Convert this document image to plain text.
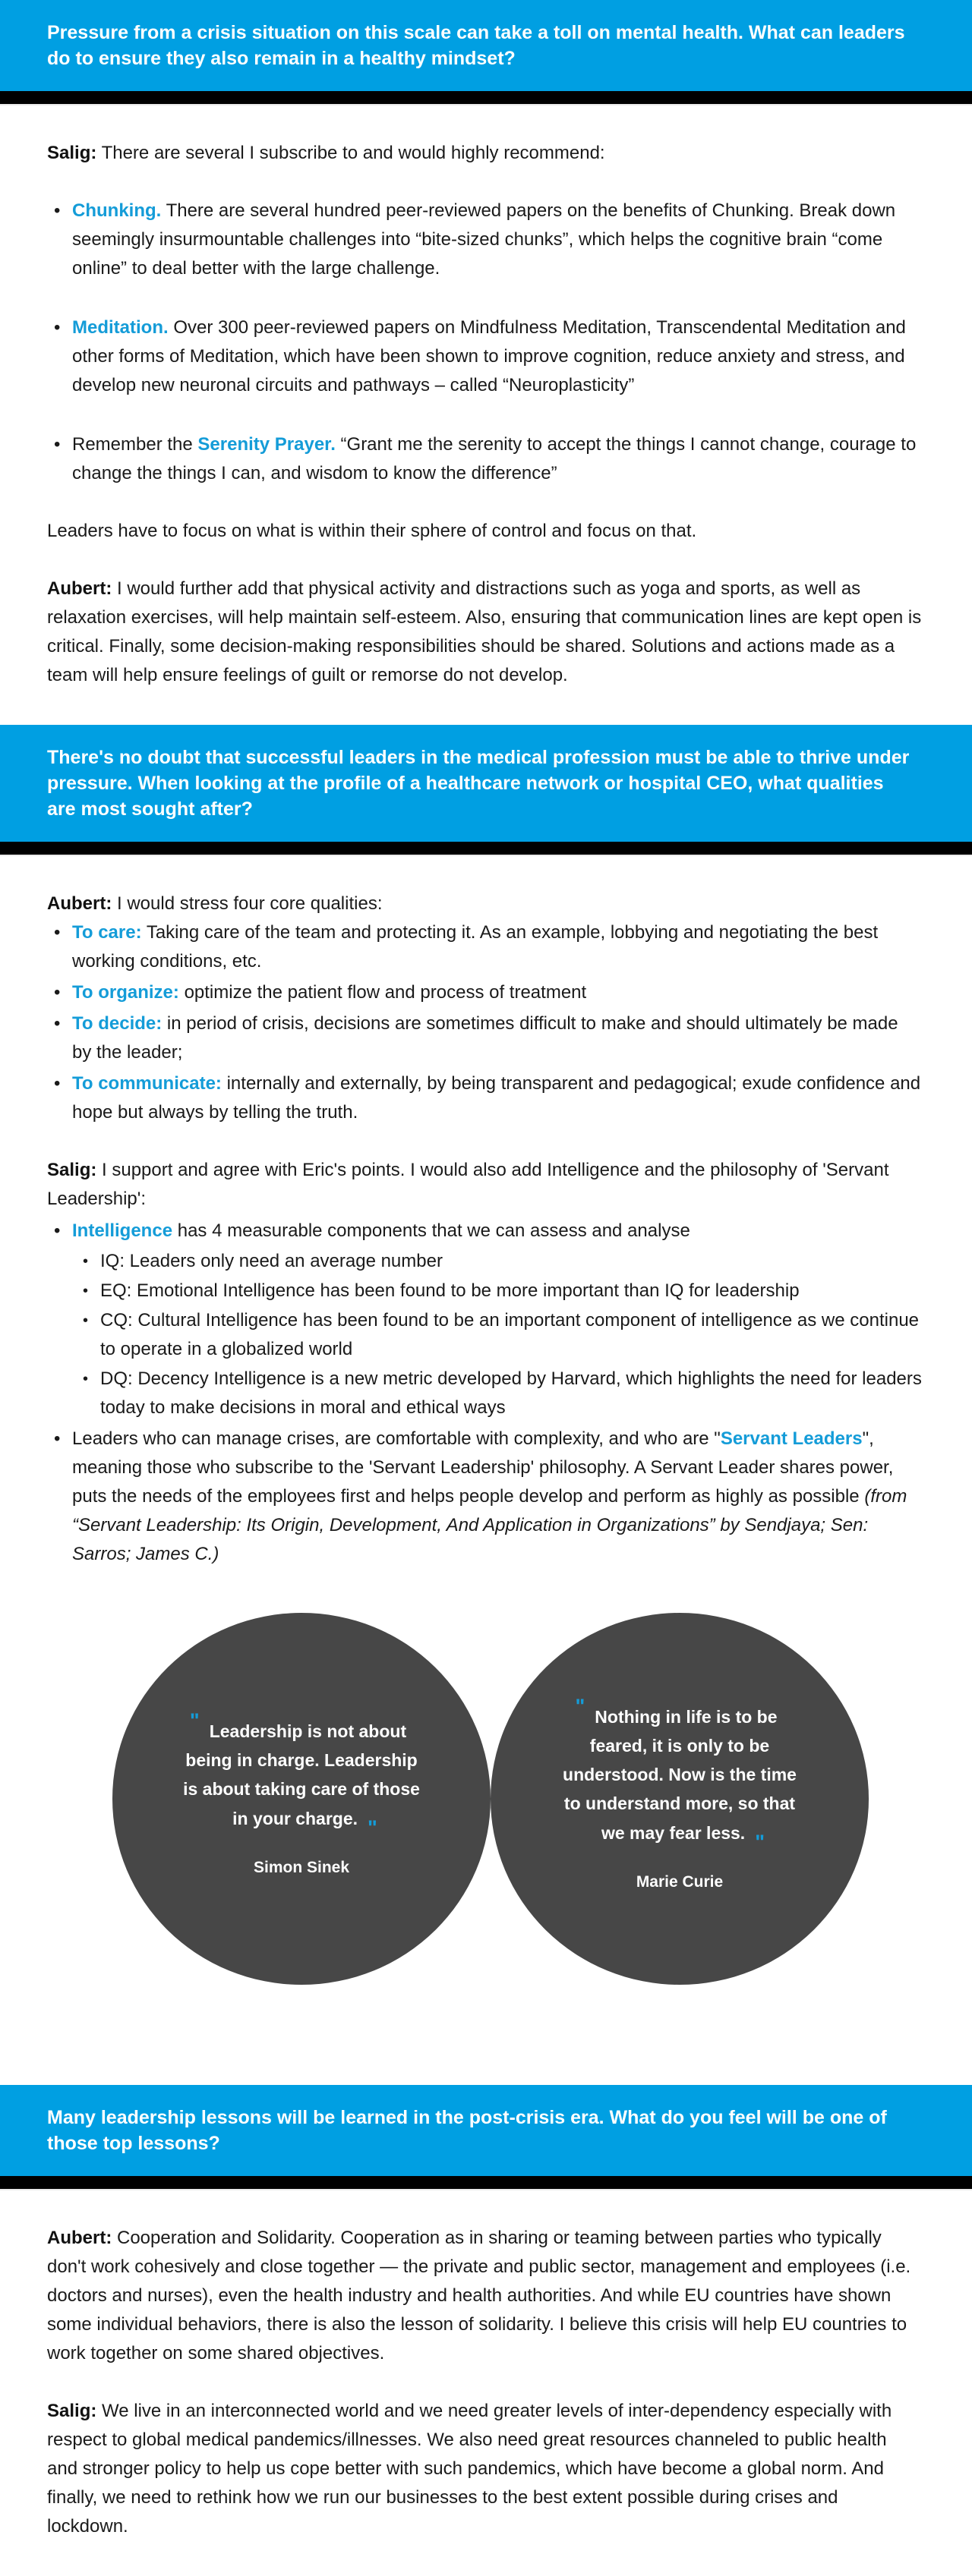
Pressure from a crisis situation on this scale can take a toll on mental health. What can leaders do to ensure they also remain in a healthy mindset?

Salig: There are several I subscribe to and would highly recommend:

• Chunking. There are several hundred peer-reviewed papers on the benefits of Chunking. Break down seemingly insurmountable challenges into “bite-sized chunks”, which helps the cognitive brain “come online” to deal better with the large challenge.
• Meditation. Over 300 peer-reviewed papers on Mindfulness Meditation, Transcendental Meditation and other forms of Meditation, which have been shown to improve cognition, reduce anxiety and stress, and develop new neuronal circuits and pathways – called “Neuroplasticity”
• Remember the Serenity Prayer. “Grant me the serenity to accept the things I cannot change, courage to change the things I can, and wisdom to know the difference”

Leaders have to focus on what is within their sphere of control and focus on that.

Aubert: I would further add that physical activity and distractions such as yoga and sports, as well as relaxation exercises, will help maintain self-esteem. Also, ensuring that communication lines are kept open is critical. Finally, some decision-making responsibilities should be shared. Solutions and actions made as a team will help ensure feelings of guilt or remorse do not develop.

There's no doubt that successful leaders in the medical profession must be able to thrive under pressure. When looking at the profile of a healthcare network or hospital CEO, what qualities are most sought after?

Aubert: I would stress four core qualities:

• To care: Taking care of the team and protecting it. As an example, lobbying and negotiating the best working conditions, etc.
• To organize: optimize the patient flow and process of treatment
• To decide: in period of crisis, decisions are sometimes difficult to make and should ultimately be made by the leader;
• To communicate: internally and externally, by being transparent and pedagogical; exude confidence and hope but always by telling the truth.

Salig: I support and agree with Eric's points. I would also add Intelligence and the philosophy of 'Servant Leadership':

• Intelligence has 4 measurable components that we can assess and analyse
• IQ: Leaders only need an average number
• EQ: Emotional Intelligence has been found to be more important than IQ for leadership
• CQ: Cultural Intelligence has been found to be an important component of intelligence as we continue to operate in a globalized world
• DQ: Decency Intelligence is a new metric developed by Harvard, which highlights the need for leaders today to make decisions in moral and ethical ways
• Leaders who can manage crises, are comfortable with complexity, and who are "Servant Leaders", meaning those who subscribe to the 'Servant Leadership' philosophy. A Servant Leader shares power, puts the needs of the employees first and helps people develop and perform as highly as possible (from “Servant Leadership: Its Origin, Development, And Application in Organizations” by Sendjaya; Sen: Sarros; James C.)
" Leadership is not about being in charge. Leadership is about taking care of those in your charge. "
Simon Sinek
" Nothing in life is to be feared, it is only to be understood. Now is the time to understand more, so that we may fear less. "
Marie Curie

Many leadership lessons will be learned in the post-crisis era. What do you feel will be one of those top lessons?

Aubert: Cooperation and Solidarity. Cooperation as in sharing or teaming between parties who typically don't work cohesively and close together — the private and public sector, management and employees (i.e. doctors and nurses), even the health industry and health authorities. And while EU countries have shown some individual behaviors, there is also the lesson of solidarity. I believe this crisis will help EU countries to work together on some shared objectives.

Salig: We live in an interconnected world and we need greater levels of inter-dependency especially with respect to global medical pandemics/illnesses. We also need great resources channeled to public health and stronger policy to help us cope better with such pandemics, which have become a global norm. And finally, we need to rethink how we run our businesses to the best extent possible during crises and lockdown.
